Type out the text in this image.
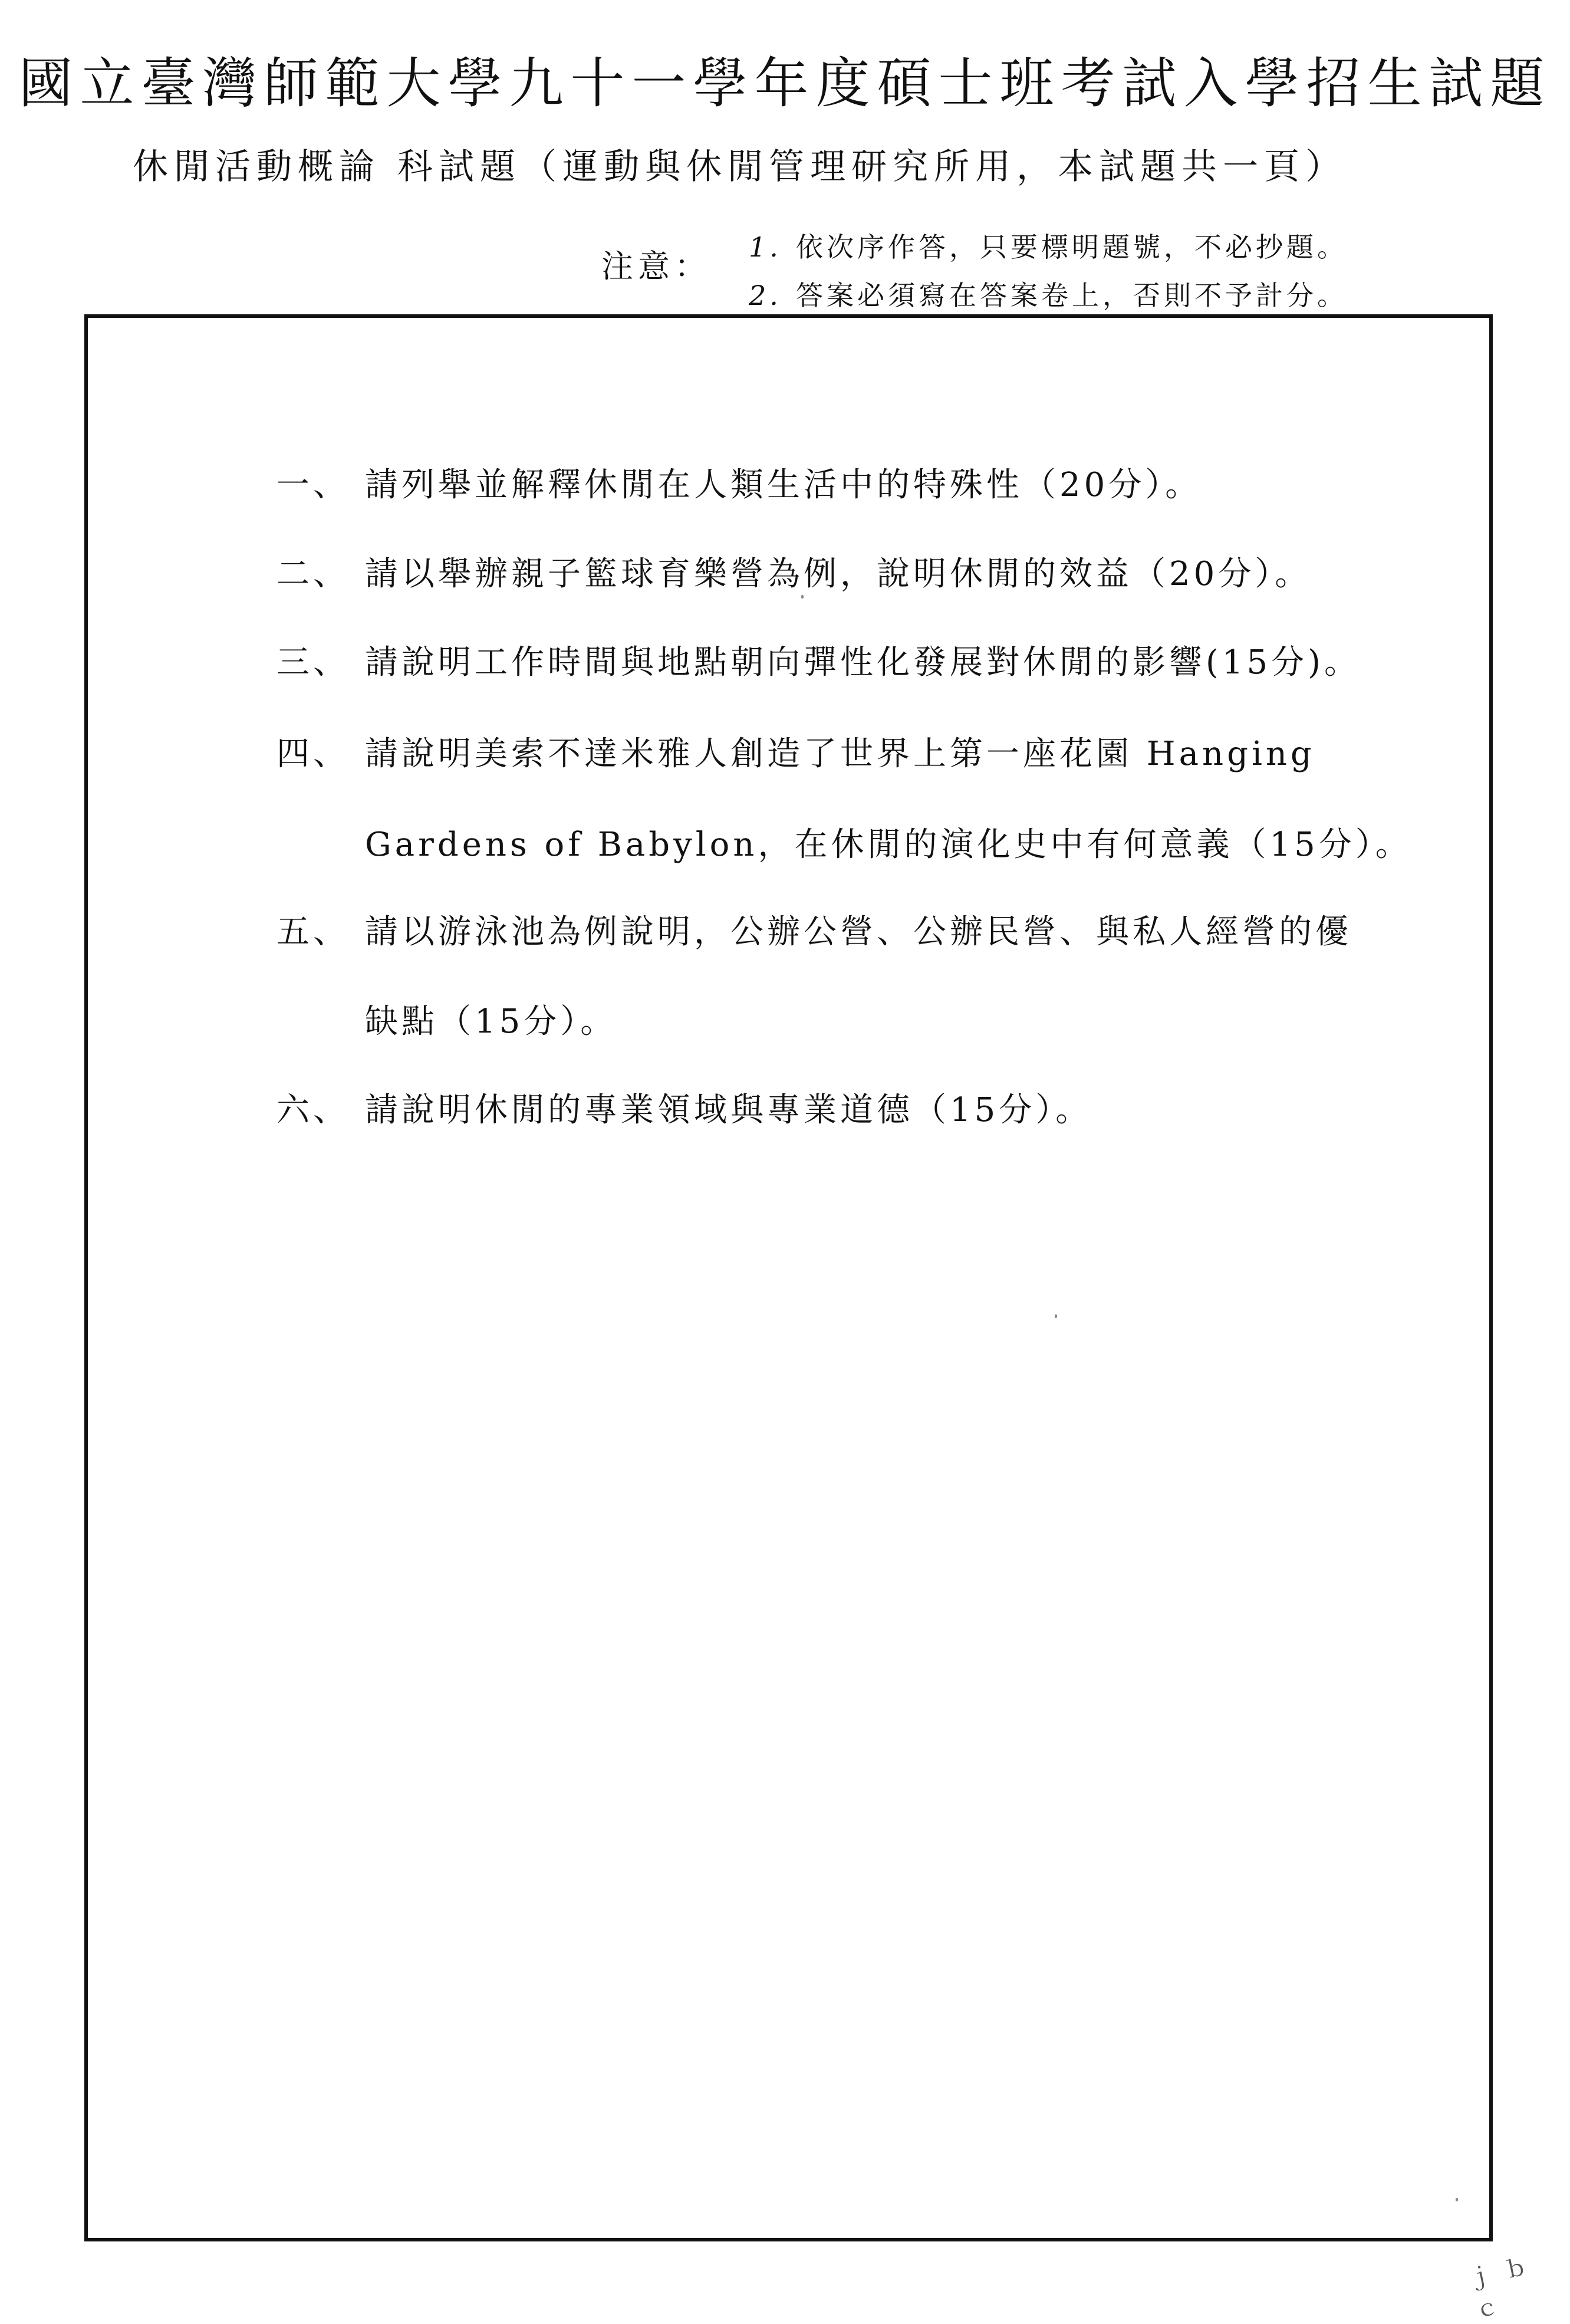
國立臺灣師範大學九十一學年度碩士班考試入學招生試題
休閒活動概論 科試題（運動與休閒管理研究所用，本試題共一頁）
注意：
1. 依次序作答，只要標明題號，不必抄題。
2. 答案必須寫在答案卷上，否則不予計分。
一、 請列舉並解釋休閒在人類生活中的特殊性（20分）。
二、 請以舉辦親子籃球育樂營為例，說明休閒的效益（20分）。
三、 請說明工作時間與地點朝向彈性化發展對休閒的影響(15分)。
四、 請說明美索不達米雅人創造了世界上第一座花園 Hanging
Gardens of Babylon，在休閒的演化史中有何意義（15分）。
五、 請以游泳池為例說明，公辦公營、公辦民營、與私人經營的優
缺點（15分）。
六、 請說明休閒的專業領域與專業道德（15分）。
ｊ ｂ ｃ
